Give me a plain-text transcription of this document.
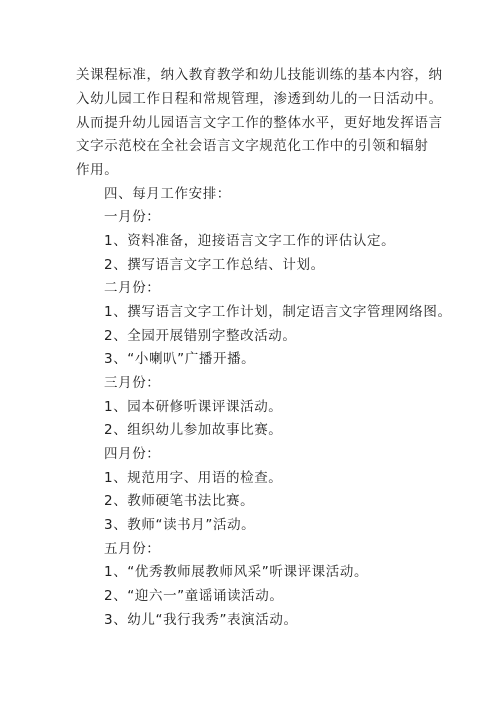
关课程标准，纳入教育教学和幼儿技能训练的基本内容，纳
入幼儿园工作日程和常规管理，渗透到幼儿的一日活动中。
从而提升幼儿园语言文字工作的整体水平，更好地发挥语言
文字示范校在全社会语言文字规范化工作中的引领和辐射
作用。
四、每月工作安排：
一月份：
1、资料准备，迎接语言文字工作的评估认定。
2、撰写语言文字工作总结、计划。
二月份：
1、撰写语言文字工作计划，制定语言文字管理网络图。
2、全园开展错别字整改活动。
3、“小喇叭”广播开播。
三月份：
1、园本研修听课评课活动。
2、组织幼儿参加故事比赛。
四月份：
1、规范用字、用语的检查。
2、教师硬笔书法比赛。
3、教师“读书月”活动。
五月份：
1、“优秀教师展教师风采”听课评课活动。
2、“迎六一”童谣诵读活动。
3、幼儿“我行我秀”表演活动。
